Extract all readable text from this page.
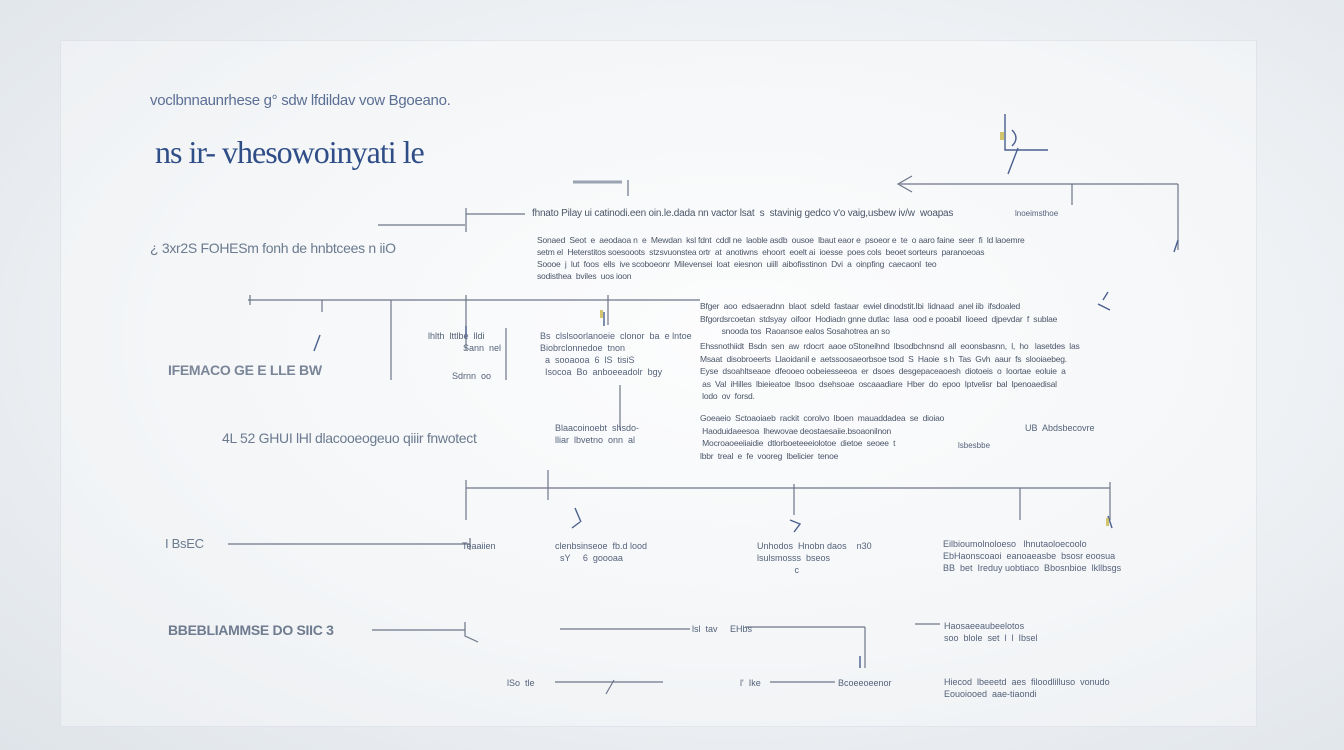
voclbnnaunrhese g° sdw lfdildav vow Bgoeano.
ns ir- vhesowoinyati le
¿ 3xr2S FOHESm fonh de hnbtcees n iiO
IFEMACO GE E LLE BW
4L 52 GHUI lHl dlacooeogeuo qiiir fnwotect
I BsEC
BBEBLIAMMSE DO SIIC 3
fhnato Pilay ui catinodi.een oin.le.dada nn vactor lsat  s  stavinig gedco v'o vaig,usbew iv/w  woapas
Sonaed  Seot  e  aeodaoa n  e  Mewdan  ksl fdnt  cddl ne  laoble asdb  ousoe  lbaut eaor e  psoeor e  te  o aaro faine  seer  fi  ld laoemre
setm el  Heterstitos soesooots  stzsvuonstea ortr  at  anotiwns  ehoort  eoelt ai  ioesse  poes cols  beoet sorteurs  paranoeoas
Soooe  j  lut  foos  ells  ive scoboeonr  Milevensei  loat  eiesnon  uiill  aibofisstinon  Dvi  a  oinpfing  caecaonl  teo
sodisthea  bviles  uos ioon
Bfger  aoo  edsaeradnn  blaot  sdeld  fastaar  ewiel dinodstit.lbi  lidnaad  anel iib  ifsdoaled
Bfgordsrcoetan  stdsyay  oifoor  Hodiadn gnne dutlac  lasa  ood e pooabil  lioeed  djpevdar  f  sublae
snooda tos  Raoansoe ealos Sosahotrea an so
Ehssnothiidt  Bsdn  sen  aw  rdocrt  aaoe oStoneihnd  lbsodbchnsnd  all  eoonsbasnn,  l,  ho   lasetdes  las
Msaat  disobroeerts  Llaoidanil e  aetssoosaeorbsoe tsod  S  Haoie  s h  Tas  Gvh  aaur  fs  slooiaebeg.
Eyse  dsoahltseaoe  dfeooeo oobeiesseeoa  er  dsoes  desgepaceaoesh  diotoeis  o  Ioortae  eoluie  a
as  Val  iHilles  lbieieatoe  Ibsoo  dsehsoae  oscaaadiare  Hber  do  epoo  Iptvelisr  bal  lpenoaedisal
lodo  ov  forsd.
Goeaeio  Sctoaoiaeb  rackit  corolvo  lboen  mauaddadea  se  dioiao
Haoduidaeesoa  lhewovae deostaesaiie.bsoaonilnon
Mocroaoeeiiaidie  dtlorboeteeeiolotoe  dietoe  seoee  t
lbbr  treal  e  fe  vooreg  lbelicier  tenoe
Bs  clslsoorlanoeie  clonor  ba  e lntoe
Biobrclonnedoe  tnon
a  sooaooa  6  lS  tisiS
Isocoa  Bo  anboeeadolr  bgy
lhlth  lttlbe  lldi
Sann  nel
Blaacoinoebt  shsdo-
lliar  lbvetno  onn  al
UB  Abdsbecovre
lsbesbbe
lnoeimsthoe
Sdrnn  oo
Teaaiien	clenbsinseoe  fb.d lood
sY     6  goooaa
Unhodos  Hnobn daos    n30
lsulsmosss  bseos
c
Eilbioumolnoloeso   lhnutaoloecoolo
EbHaonscoaoi  eanoaeasbe  bsosr eoosua
BB  bet  Ireduy uobtiaco  Bbosnbioe  lkllbsgs
lsl  tav     EHbs	Haosaeeaubeelotos
soo  blole  set  l  l  Ibsel
lSo  tle	l'  Ike	Bcoeeoeenor	Hiecod  lbeeetd  aes  filoodlilluso  vonudo
Eouoiooed  aae-tiaondi
